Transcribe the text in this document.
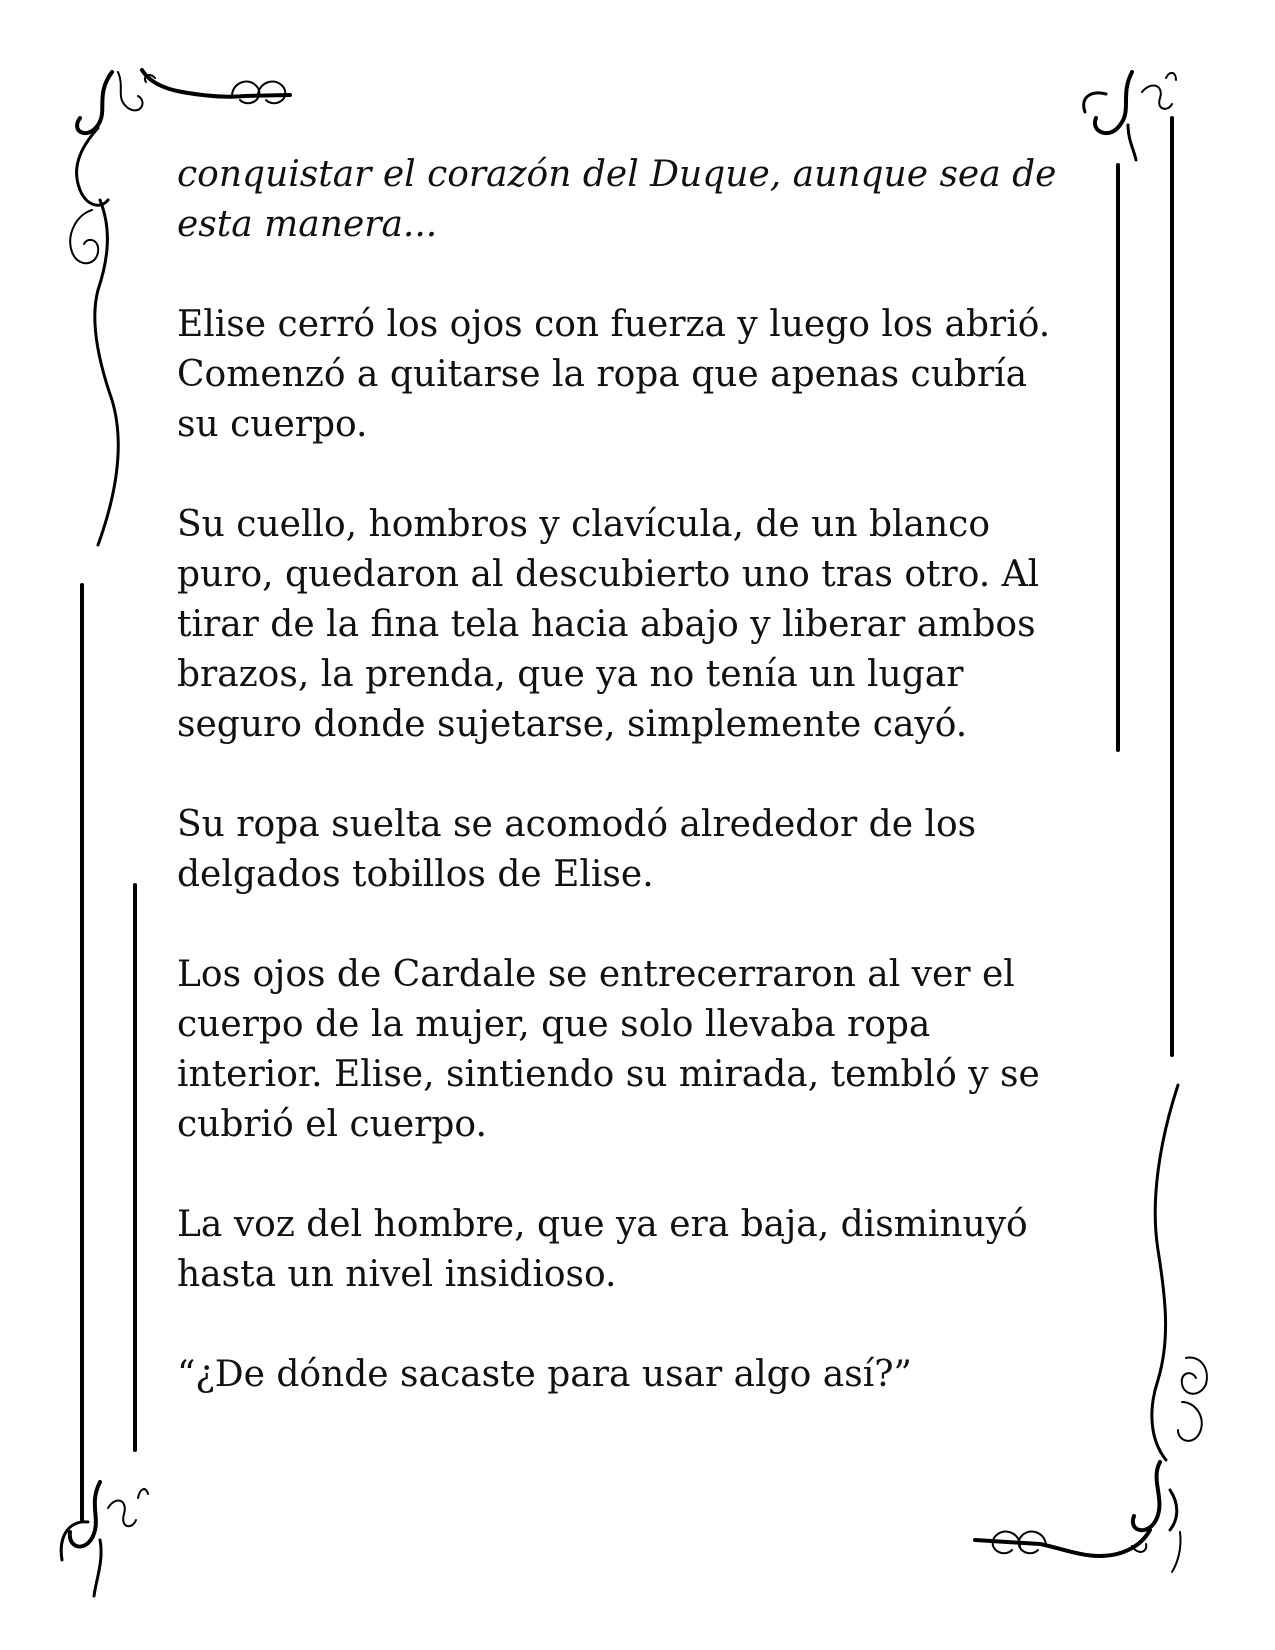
conquistar el corazón del Duque, aunque sea de
esta manera...

Elise cerró los ojos con fuerza y luego los abrió.
Comenzó a quitarse la ropa que apenas cubría
su cuerpo.

Su cuello, hombros y clavícula, de un blanco
puro, quedaron al descubierto uno tras otro. Al
tirar de la fina tela hacia abajo y liberar ambos
brazos, la prenda, que ya no tenía un lugar
seguro donde sujetarse, simplemente cayó.

Su ropa suelta se acomodó alrededor de los
delgados tobillos de Elise.

Los ojos de Cardale se entrecerraron al ver el
cuerpo de la mujer, que solo llevaba ropa
interior. Elise, sintiendo su mirada, tembló y se
cubrió el cuerpo.

La voz del hombre, que ya era baja, disminuyó
hasta un nivel insidioso.

“¿De dónde sacaste para usar algo así?”
